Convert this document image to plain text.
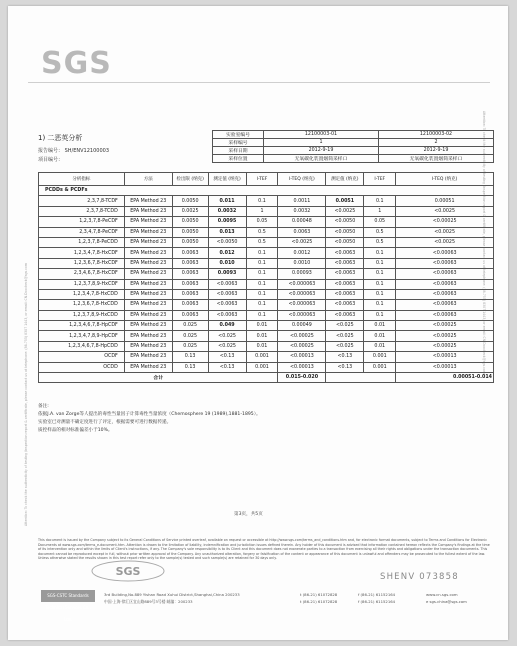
SGS
Attention: To check the authenticity of testing /inspection report & certificate, please contact us at telephone: (86-755) 8307 1443, or email: CN.Doccheck@sgs.com
Attention: To check the authenticity of testing /inspection report & certificate, please contact us at telephone: (86-755) 8307 1443, or email: CN.Doccheck@sgs.com
1) 二恶英分析
报告编号： SH/ENV12100003
项目编号：
实验室编号	12100003-01	12100003-02
采样编号	1	2
采样日期	2012-9-19	2012-9-19
采样位置	无氧碳化装置烟筒采样口	无氧碳化装置烟筒采样口
分析指标	方法	检出限 (纳克)	测定值 (纳克)	I-TEF	I-TEQ (纳克)	测定值 (纳克)	I-TEF	I-TEQ (纳克)
PCDDs & PCDFs								
2,3,7,8-TCDF	EPA Method 23	0.0050	0.011	0.1	0.0011	0.0051	0.1	0.00051
2,3,7,8-TCDD	EPA Method 23	0.0025	0.0032	1	0.0032	<0.0025	1	<0.0025
1,2,3,7,8-PeCDF	EPA Method 23	0.0050	0.0095	0.05	0.00048	<0.0050	0.05	<0.00025
2,3,4,7,8-PeCDF	EPA Method 23	0.0050	0.013	0.5	0.0063	<0.0050	0.5	<0.0025
1,2,3,7,8-PeCDD	EPA Method 23	0.0050	<0.0050	0.5	<0.0025	<0.0050	0.5	<0.0025
1,2,3,4,7,8-HxCDF	EPA Method 23	0.0063	0.012	0.1	0.0012	<0.0063	0.1	<0.00063
1,2,3,6,7,8-HxCDF	EPA Method 23	0.0063	0.010	0.1	0.0010	<0.0063	0.1	<0.00063
2,3,4,6,7,8-HxCDF	EPA Method 23	0.0063	0.0093	0.1	0.00093	<0.0063	0.1	<0.00063
1,2,3,7,8,9-HxCDF	EPA Method 23	0.0063	<0.0063	0.1	<0.000063	<0.0063	0.1	<0.00063
1,2,3,4,7,8-HxCDD	EPA Method 23	0.0063	<0.0063	0.1	<0.000063	<0.0063	0.1	<0.00063
1,2,3,6,7,8-HxCDD	EPA Method 23	0.0063	<0.0063	0.1	<0.000063	<0.0063	0.1	<0.00063
1,2,3,7,8,9-HxCDD	EPA Method 23	0.0063	<0.0063	0.1	<0.000063	<0.0063	0.1	<0.00063
1,2,3,4,6,7,8-HpCDF	EPA Method 23	0.025	0.049	0.01	0.00049	<0.025	0.01	<0.00025
1,2,3,4,7,8,9-HpCDF	EPA Method 23	0.025	<0.025	0.01	<0.00025	<0.025	0.01	<0.00025
1,2,3,4,6,7,8-HpCDD	EPA Method 23	0.025	<0.025	0.01	<0.00025	<0.025	0.01	<0.00025
OCDF	EPA Method 23	0.13	<0.13	0.001	<0.00013	<0.13	0.001	<0.00013
OCDD	EPA Method 23	0.13	<0.13	0.001	<0.00013	<0.13	0.001	<0.00013
合计					0.015-0.020			0.00051-0.014
备注:
依据J.A. van Zorge等人提出的毒性当量因子计算毒性当量浓度（Chemosphere 19 (1989),1881-1895）。
实验室已对测量不确定度进行了评定，根据需要可进行数据传递。
质控样品的相对标准偏差小于10%。
第3页，共5页
This document is issued by the Company subject to its General Conditions of Service printed overleaf, available on request or accessible at http://www.sgs.com/terms_and_conditions.htm and, for electronic format documents, subject to Terms and Conditions for Electronic Documents at www.sgs.com/terms_e-document.htm. Attention is drawn to the limitation of liability, indemnification and jurisdiction issues defined therein. Any holder of this document is advised that information contained hereon reflects the Company's findings at the time of its intervention only and within the limits of Client's instructions, if any. The Company's sole responsibility is to its Client and this document does not exonerate parties to a transaction from exercising all their rights and obligations under the transaction documents. This document cannot be reproduced except in full, without prior written approval of the Company. Any unauthorized alteration, forgery or falsification of the content or appearance of this document is unlawful and offenders may be prosecuted to the fullest extent of the law. Unless otherwise stated the results shown in this test report refer only to the sample(s) tested and such sample(s) are retained for 30 days only.
SGS
SGS-CSTC Standards Technical Services Co., Ltd.
3rd Building,No.889 Yishan Road Xuhui District,Shanghai,China 200233
中国·上海·徐汇区宜山路889号3号楼 邮编：200233
t (86-21) 61072828	f (86-21) 61152164
t (86-21) 61072828	f (86-21) 61152164
www.cn.sgs.com
e sgs.china@sgs.com
SHENV 073858
